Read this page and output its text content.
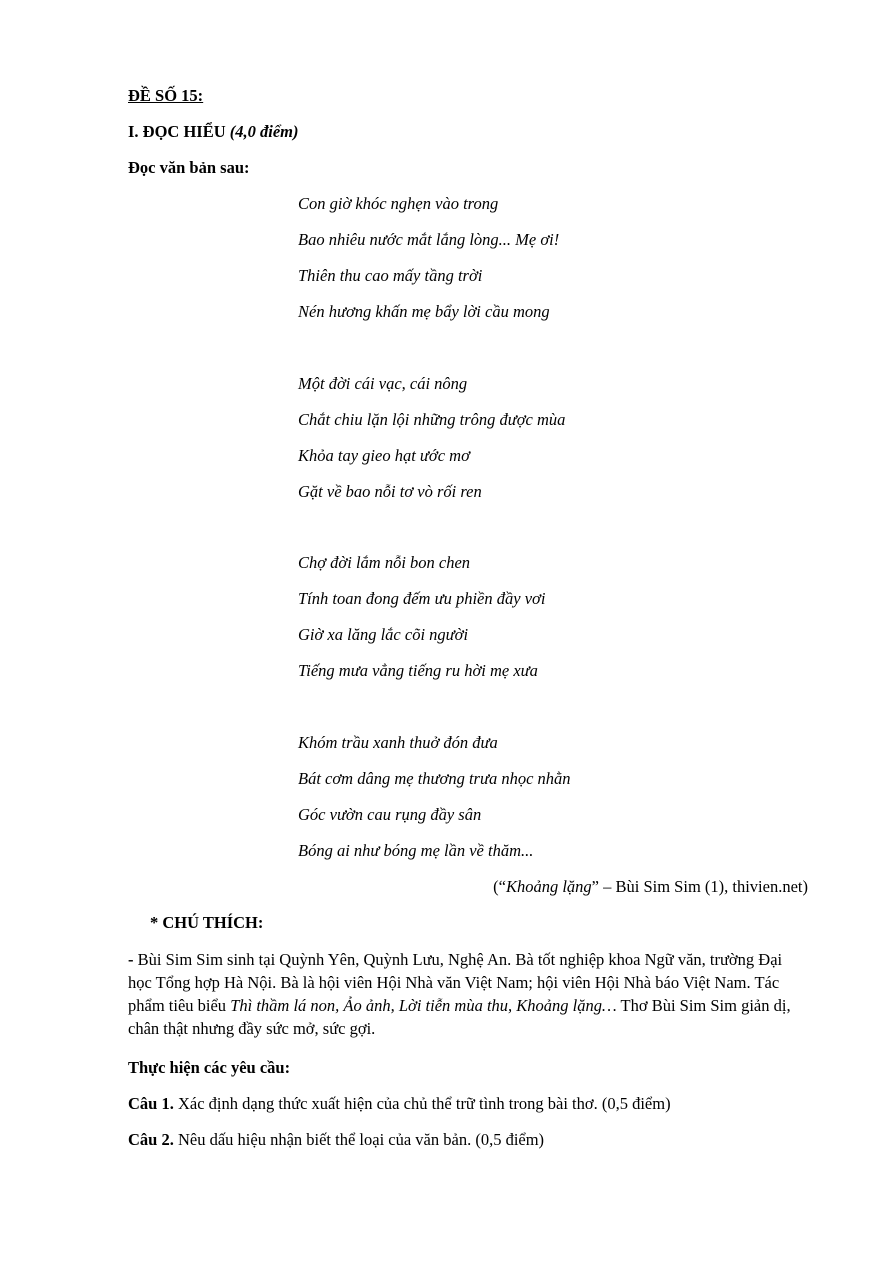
ĐỀ SỐ 15:
I. ĐỌC HIỂU (4,0 điểm)
Đọc văn bản sau:
Con giờ khóc nghẹn vào trong
Bao nhiêu nước mắt lắng lòng... Mẹ ơi!
Thiên thu cao mấy tầng trời
Nén hương khấn mẹ bẩy lời cầu mong
Một đời cái vạc, cái nông
Chắt chiu lặn lội những trông được mùa
Khỏa tay gieo hạt ước mơ
Gặt về bao nỗi tơ vò rối ren
Chợ đời lắm nỗi bon chen
Tính toan đong đếm ưu phiền đầy vơi
Giờ xa lăng lắc cõi người
Tiếng mưa vẳng tiếng ru hời mẹ xưa
Khóm trầu xanh thuở đón đưa
Bát cơm dâng mẹ thương trưa nhọc nhằn
Góc vườn cau rụng đầy sân
Bóng ai như bóng mẹ lần về thăm...
(“Khoảng lặng” – Bùi Sim Sim (1), thivien.net)
* CHÚ THÍCH:
- Bùi Sim Sim sinh tại Quỳnh Yên, Quỳnh Lưu, Nghệ An. Bà tốt nghiệp khoa Ngữ văn, trường Đại học Tổng hợp Hà Nội. Bà là hội viên Hội Nhà văn Việt Nam; hội viên Hội Nhà báo Việt Nam. Tác phẩm tiêu biểu Thì thầm lá non, Ảo ảnh, Lời tiễn mùa thu, Khoảng lặng… Thơ Bùi Sim Sim giản dị, chân thật nhưng đầy sức mở, sức gợi.
Thực hiện các yêu cầu:
Câu 1. Xác định dạng thức xuất hiện của chủ thể trữ tình trong bài thơ. (0,5 điểm)
Câu 2. Nêu dấu hiệu nhận biết thể loại của văn bản. (0,5 điểm)
